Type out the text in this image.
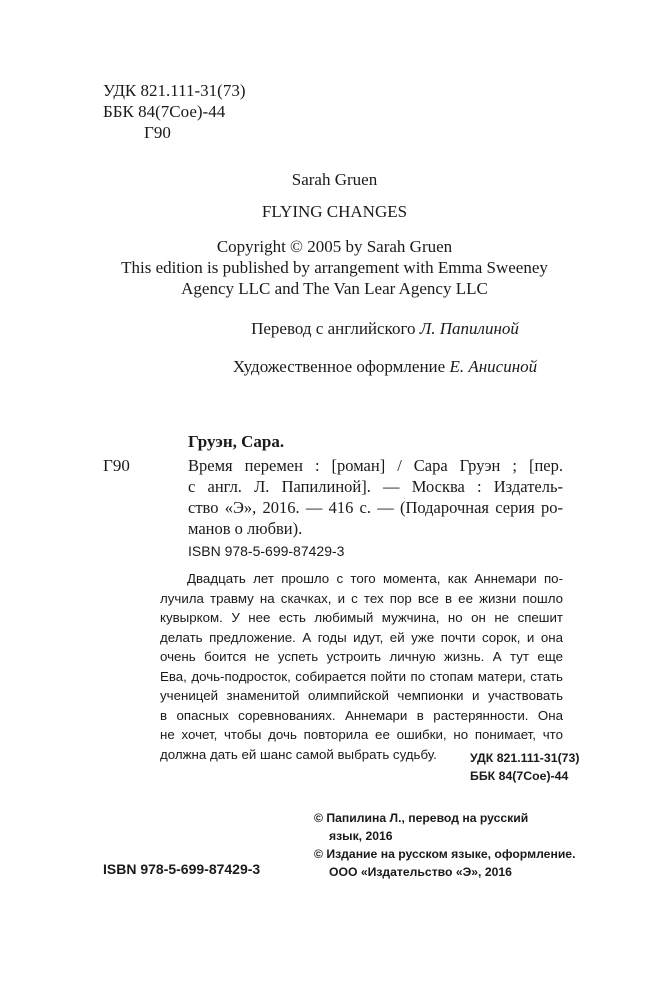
УДК 821.111-31(73)
ББК 84(7Сое)-44
Г90
Sarah Gruen
FLYING CHANGES
Copyright © 2005 by Sarah Gruen
This edition is published by arrangement with Emma Sweeney
Agency LLC and The Van Lear Agency LLC
Перевод с английского Л. Папилиной
Художественное оформление Е. Анисиной
Груэн, Сара.
Г90	Время перемен : [роман] / Сара Груэн ; [пер.
с англ. Л. Папилиной]. — Москва : Издатель-
ство «Э», 2016. — 416 с. — (Подарочная серия ро-
манов о любви).
ISBN 978-5-699-87429-3
Двадцать лет прошло с того момента, как Аннемари по-
лучила травму на скачках, и с тех пор все в ее жизни пошло
кувырком. У нее есть любимый мужчина, но он не спешит
делать предложение. А годы идут, ей уже почти сорок, и она
очень боится не успеть устроить личную жизнь. А тут еще
Ева, дочь-подросток, собирается пойти по стопам матери, стать
ученицей знаменитой олимпийской чемпионки и участвовать
в опасных соревнованиях. Аннемари в растерянности. Она
не хочет, чтобы дочь повторила ее ошибки, но понимает, что
должна дать ей шанс самой выбрать судьбу.	УДК 821.111-31(73)
ББК 84(7Сое)-44
© Папилина Л., перевод на русский
язык, 2016
© Издание на русском языке, оформление.
ООО «Издательство «Э», 2016
ISBN 978-5-699-87429-3
